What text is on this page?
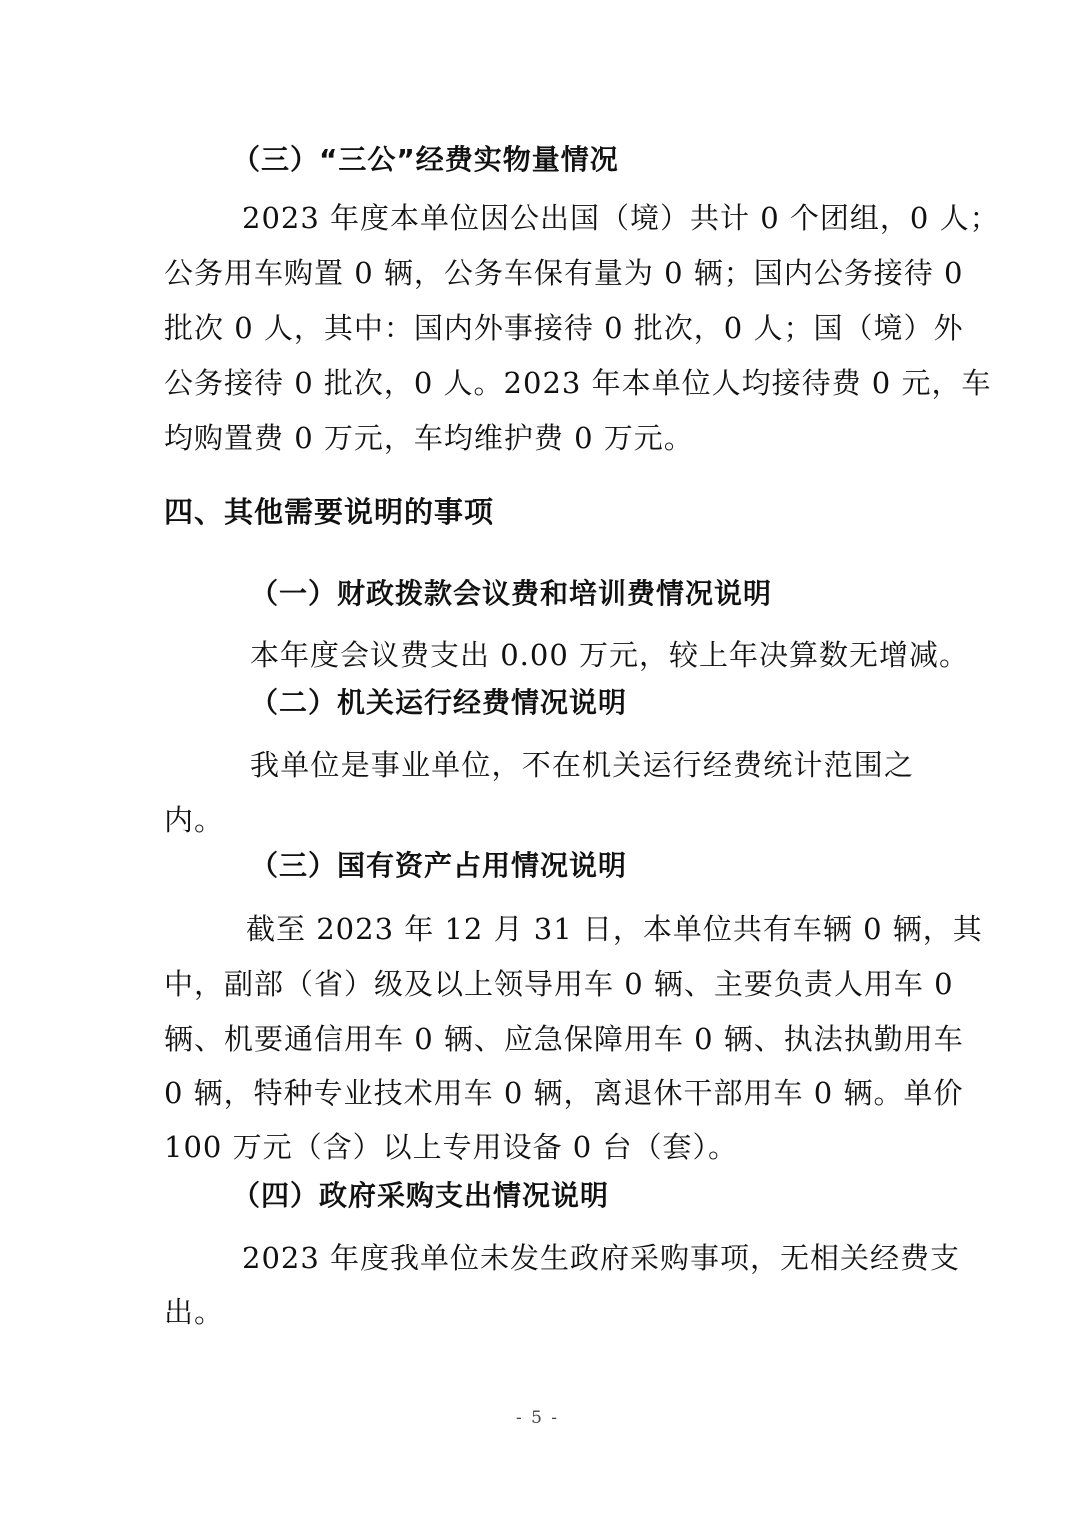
（三）“三公”经费实物量情况
2023 年度本单位因公出国（境）共计 0 个团组，0 人；
公务用车购置 0 辆，公务车保有量为 0 辆；国内公务接待 0
批次 0 人，其中：国内外事接待 0 批次，0 人；国（境）外
公务接待 0 批次，0 人。2023 年本单位人均接待费 0 元，车
均购置费 0 万元，车均维护费 0 万元。
四、其他需要说明的事项
（一）财政拨款会议费和培训费情况说明
本年度会议费支出 0.00 万元，较上年决算数无增减。
（二）机关运行经费情况说明
我单位是事业单位，不在机关运行经费统计范围之
内。
（三）国有资产占用情况说明
截至 2023 年 12 月 31 日，本单位共有车辆 0 辆，其
中，副部（省）级及以上领导用车 0 辆、主要负责人用车 0
辆、机要通信用车 0 辆、应急保障用车 0 辆、执法执勤用车
0 辆，特种专业技术用车 0 辆，离退休干部用车 0 辆。单价
100 万元（含）以上专用设备 0 台（套）。
（四）政府采购支出情况说明
2023 年度我单位未发生政府采购事项，无相关经费支
出。
- 5 -
